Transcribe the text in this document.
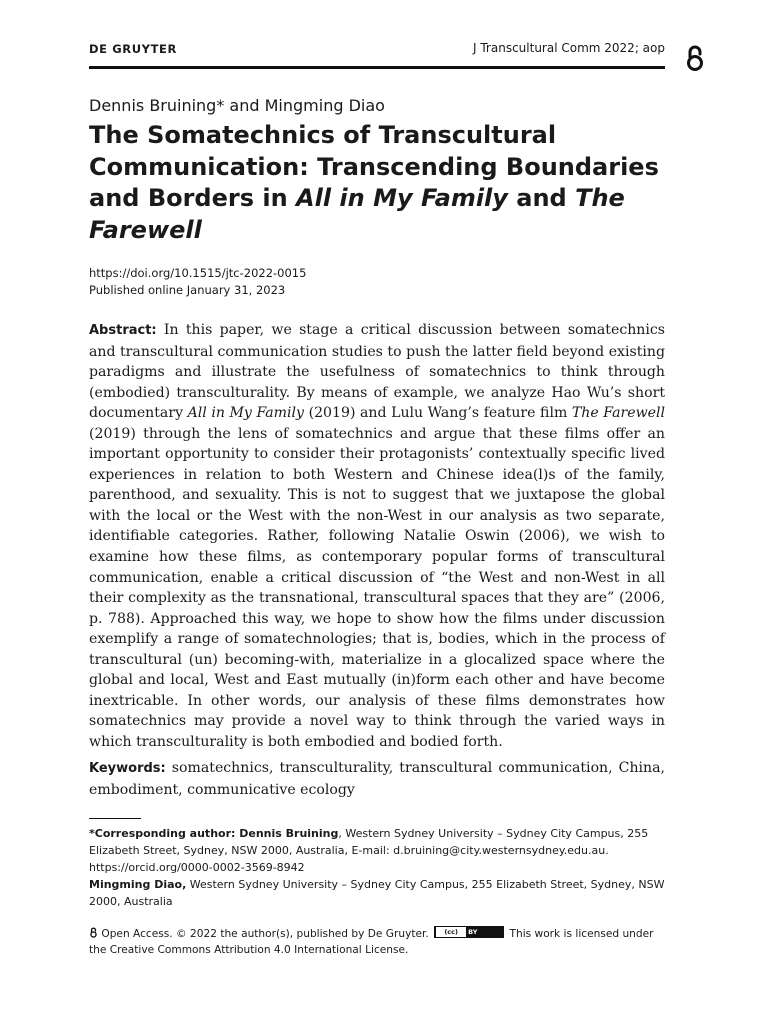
DE GRUYTER	J Transcultural Comm 2022; aop
Dennis Bruining* and Mingming Diao
The Somatechnics of Transcultural Communication: Transcending Boundaries and Borders in All in My Family and The Farewell
https://doi.org/10.1515/jtc-2022-0015
Published online January 31, 2023

Abstract: In this paper, we stage a critical discussion between somatechnics and transcultural communication studies to push the latter field beyond existing paradigms and illustrate the usefulness of somatechnics to think through (embodied) transculturality. By means of example, we analyze Hao Wu’s short documentary All in My Family (2019) and Lulu Wang’s feature film The Farewell (2019) through the lens of somatechnics and argue that these films offer an important opportunity to consider their protagonists’ contextually specific lived experiences in relation to both Western and Chinese idea(l)s of the family, parenthood, and sexuality. This is not to suggest that we juxtapose the global with the local or the West with the non-West in our analysis as two separate, identifiable categories. Rather, following Natalie Oswin (2006), we wish to examine how these films, as contemporary popular forms of transcultural communication, enable a critical discussion of “the West and non-West in all their complexity as the transnational, transcultural spaces that they are” (2006, p. 788). Approached this way, we hope to show how the films under discussion exemplify a range of somatechnologies; that is, bodies, which in the process of transcultural (un) becoming-with, materialize in a glocalized space where the global and local, West and East mutually (in)form each other and have become inextricable. In other words, our analysis of these films demonstrates how somatechnics may provide a novel way to think through the varied ways in which transculturality is both embodied and bodied forth.

Keywords: somatechnics, transculturality, transcultural communication, China, embodiment, communicative ecology

*Corresponding author: Dennis Bruining, Western Sydney University – Sydney City Campus, 255 Elizabeth Street, Sydney, NSW 2000, Australia, E-mail: d.bruining@city.westernsydney.edu.au. https://orcid.org/0000-0002-3569-8942
Mingming Diao, Western Sydney University – Sydney City Campus, 255 Elizabeth Street, Sydney, NSW 2000, Australia
Open Access. © 2022 the author(s), published by De Gruyter.	(cc)	BY	This work is licensed under the Creative Commons Attribution 4.0 International License.
